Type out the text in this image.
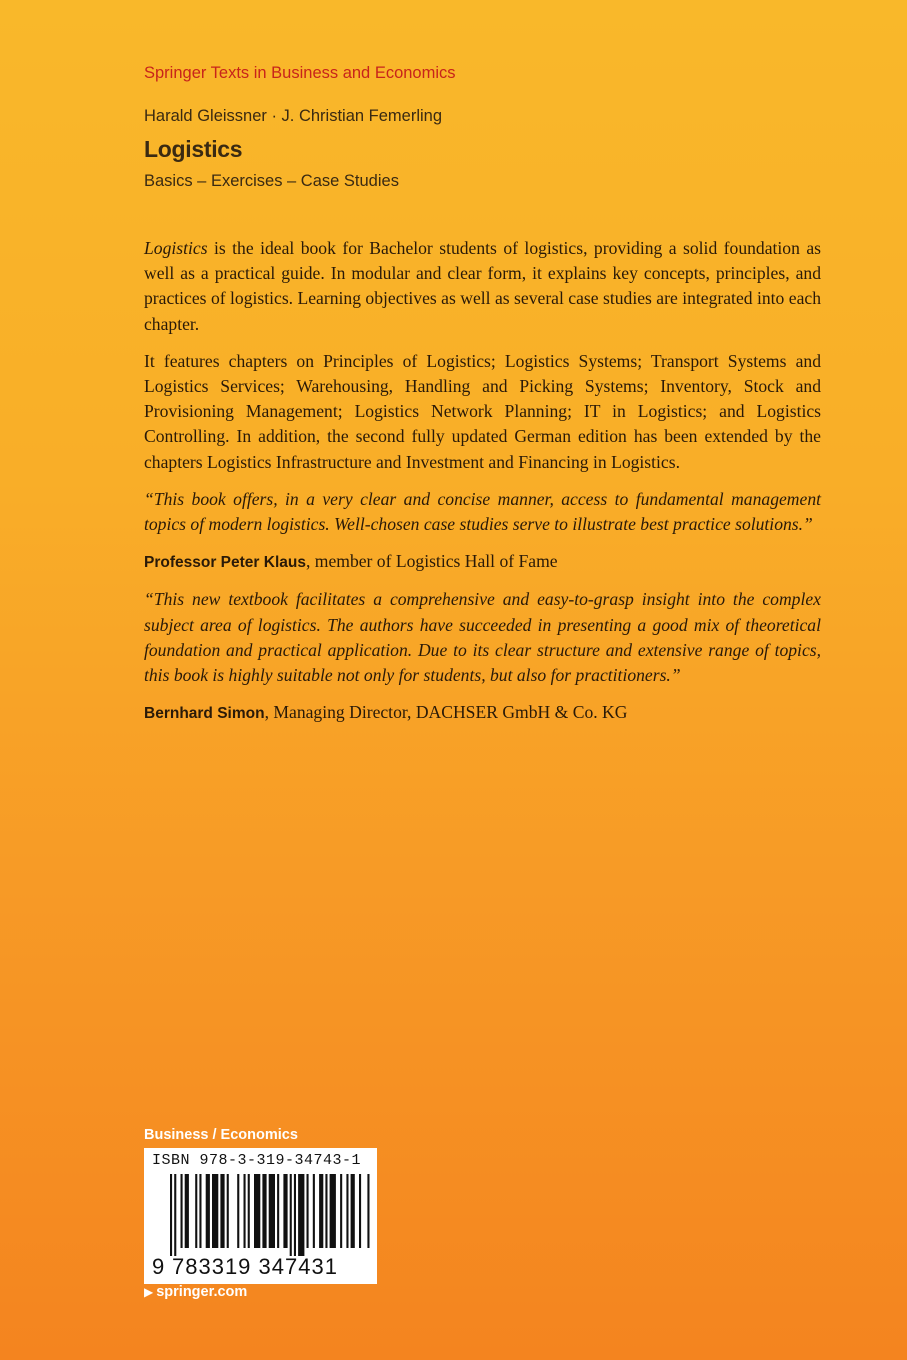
Springer Texts in Business and Economics
Harald Gleissner · J. Christian Femerling
Logistics
Basics – Exercises – Case Studies

Logistics is the ideal book for Bachelor students of logistics, providing a solid foundation as well as a practical guide. In modular and clear form, it explains key concepts, principles, and practices of logistics. Learning objectives as well as several case studies are integrated into each chapter.

It features chapters on Principles of Logistics; Logistics Systems; Transport Systems and Logistics Services; Warehousing, Handling and Picking Systems; Inventory, Stock and Provisioning Management; Logistics Network Planning; IT in Logistics; and Logistics Controlling. In addition, the second fully updated German edition has been extended by the chapters Logistics Infrastructure and Investment and Financing in Logistics.

“This book offers, in a very clear and concise manner, access to fundamental management topics of modern logistics. Well-chosen case studies serve to illustrate best practice solutions.”

Professor Peter Klaus, member of Logistics Hall of Fame

“This new textbook facilitates a comprehensive and easy-to-grasp insight into the complex subject area of logistics. The authors have succeeded in presenting a good mix of theoretical foundation and practical application. Due to its clear structure and extensive range of topics, this book is highly suitable not only for students, but also for practitioners.”

Bernhard Simon, Managing Director, DACHSER GmbH & Co. KG

Business / Economics
ISBN 978-3-319-34743-1
9 783319 347431
▶ springer.com
